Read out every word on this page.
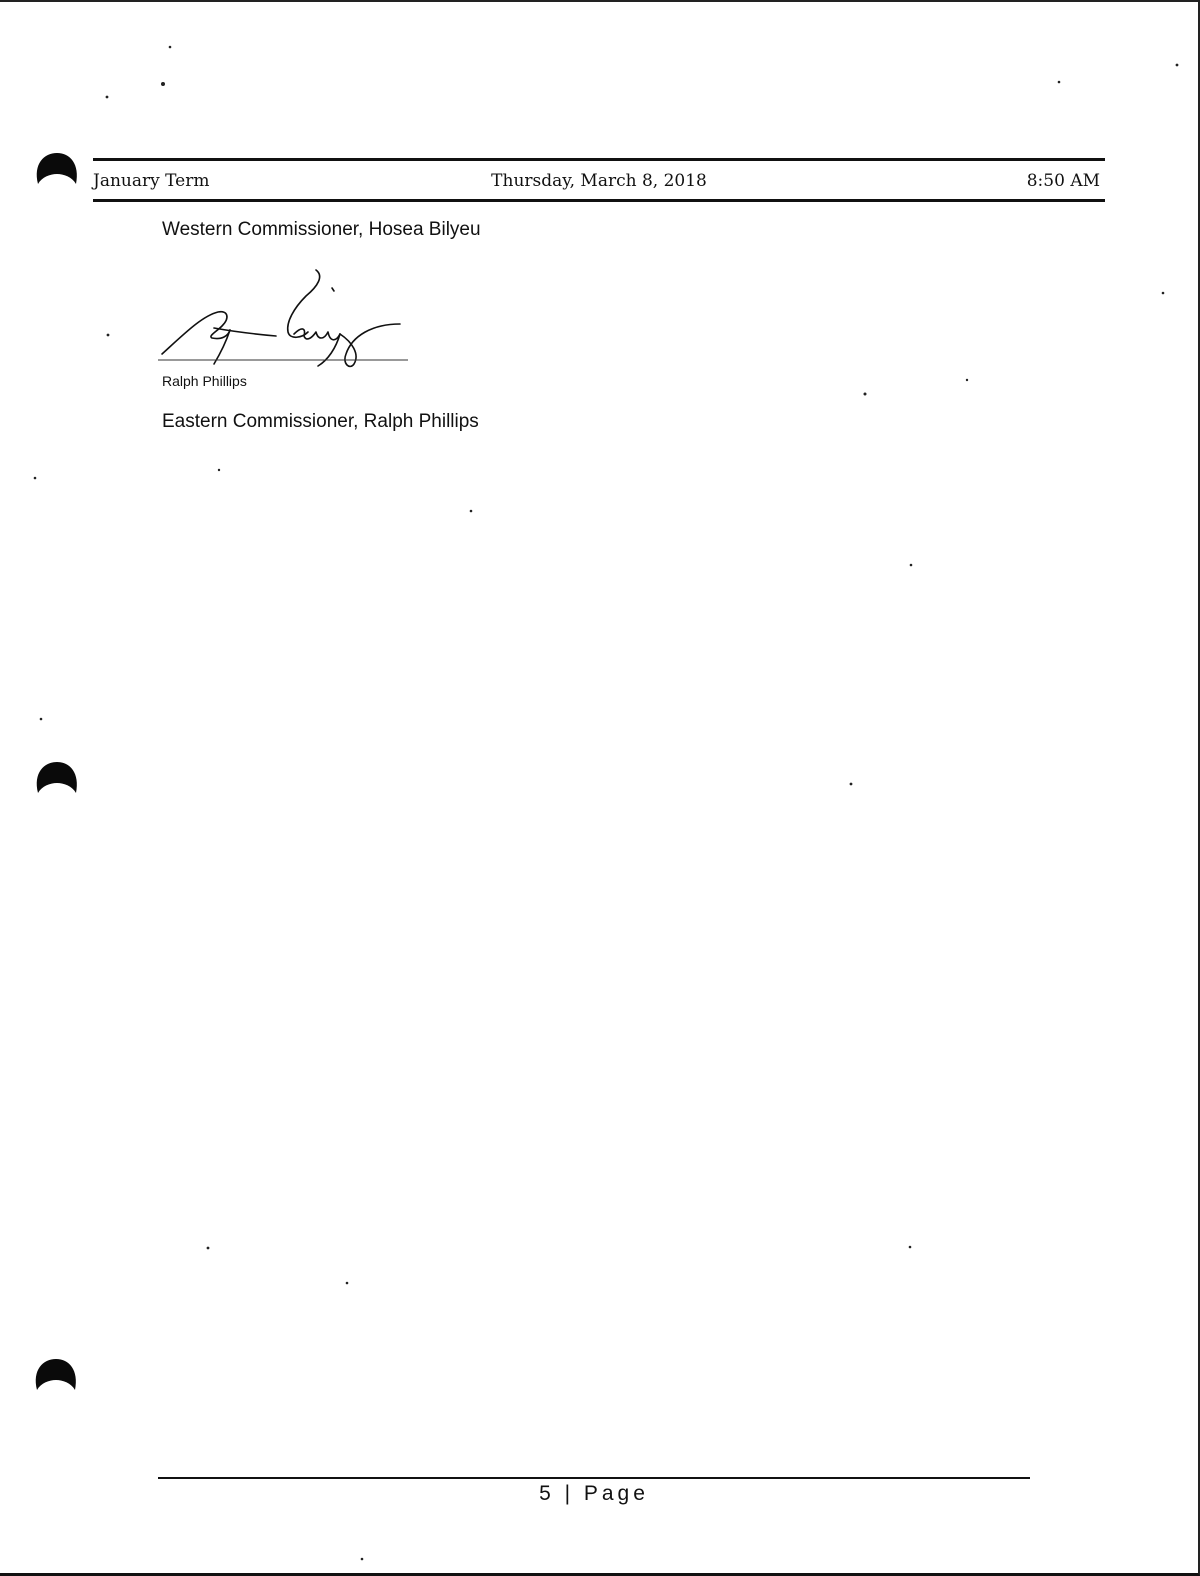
Thursday, March 8, 2018
January Term	8:50 AM
Western Commissioner, Hosea Bilyeu
Ralph Phillips
Eastern Commissioner, Ralph Phillips
5 | Page
